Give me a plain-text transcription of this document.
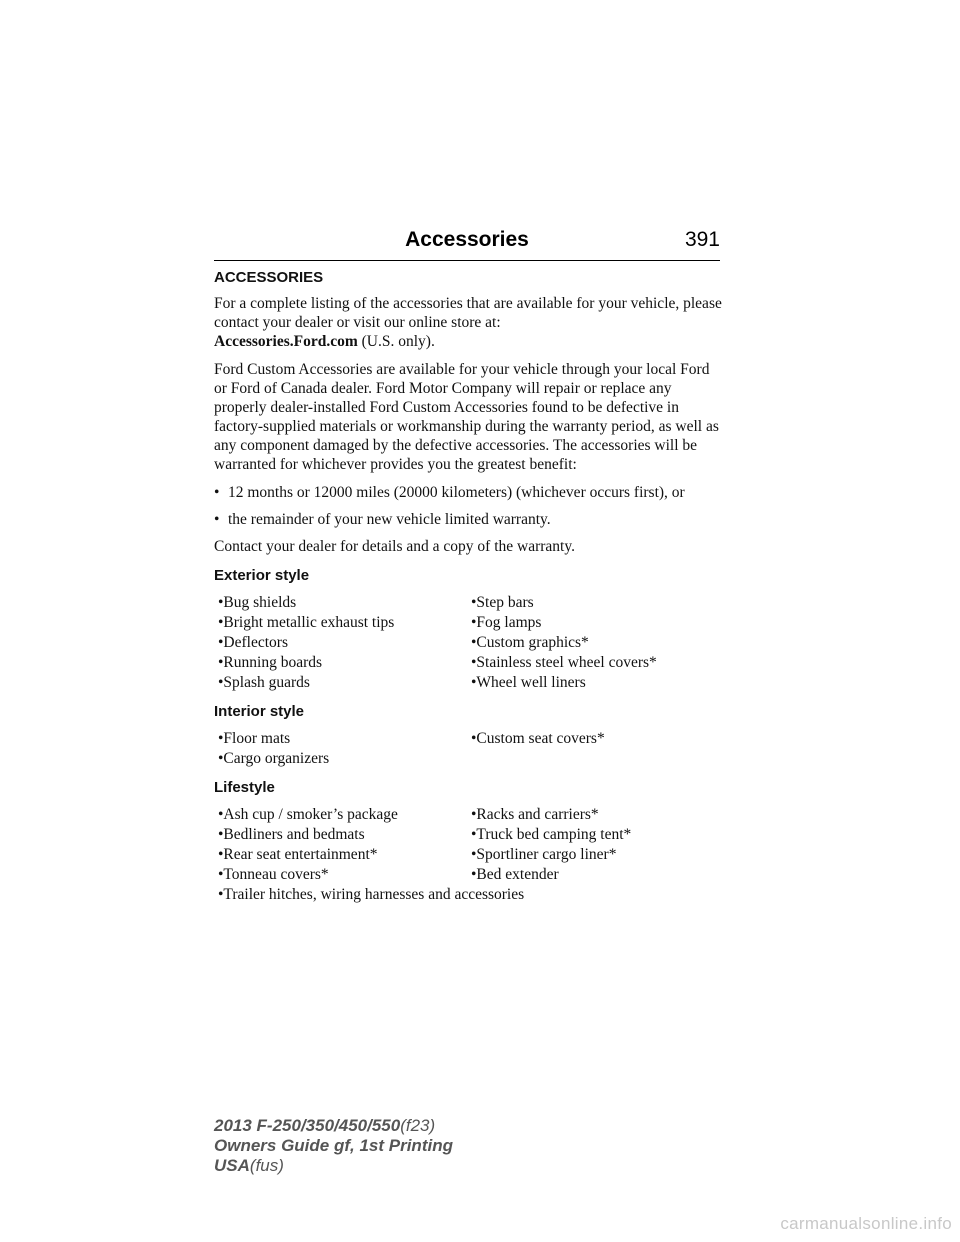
Accessories	391
ACCESSORIES

For a complete listing of the accessories that are available for your vehicle, please contact your dealer or visit our online store at:
Accessories.Ford.com (U.S. only).

Ford Custom Accessories are available for your vehicle through your local Ford or Ford of Canada dealer. Ford Motor Company will repair or replace any properly dealer-installed Ford Custom Accessories found to be defective in factory-supplied materials or workmanship during the warranty period, as well as any component damaged by the defective accessories. The accessories will be warranted for whichever provides you the greatest benefit:

• 12 months or 12000 miles (20000 kilometers) (whichever occurs first), or
• the remainder of your new vehicle limited warranty.

Contact your dealer for details and a copy of the warranty.

Exterior style
•Bug shields	•Step bars
•Bright metallic exhaust tips	•Fog lamps
•Deflectors	•Custom graphics*
•Running boards	•Stainless steel wheel covers*
•Splash guards	•Wheel well liners
Interior style
•Floor mats	•Custom seat covers*
•Cargo organizers
Lifestyle
•Ash cup / smoker’s package	•Racks and carriers*
•Bedliners and bedmats	•Truck bed camping tent*
•Rear seat entertainment*	•Sportliner cargo liner*
•Tonneau covers*	•Bed extender
•Trailer hitches, wiring harnesses and accessories
2013 F-250/350/450/550(f23)
Owners Guide gf, 1st Printing
USA(fus)
carmanualsonline.info
